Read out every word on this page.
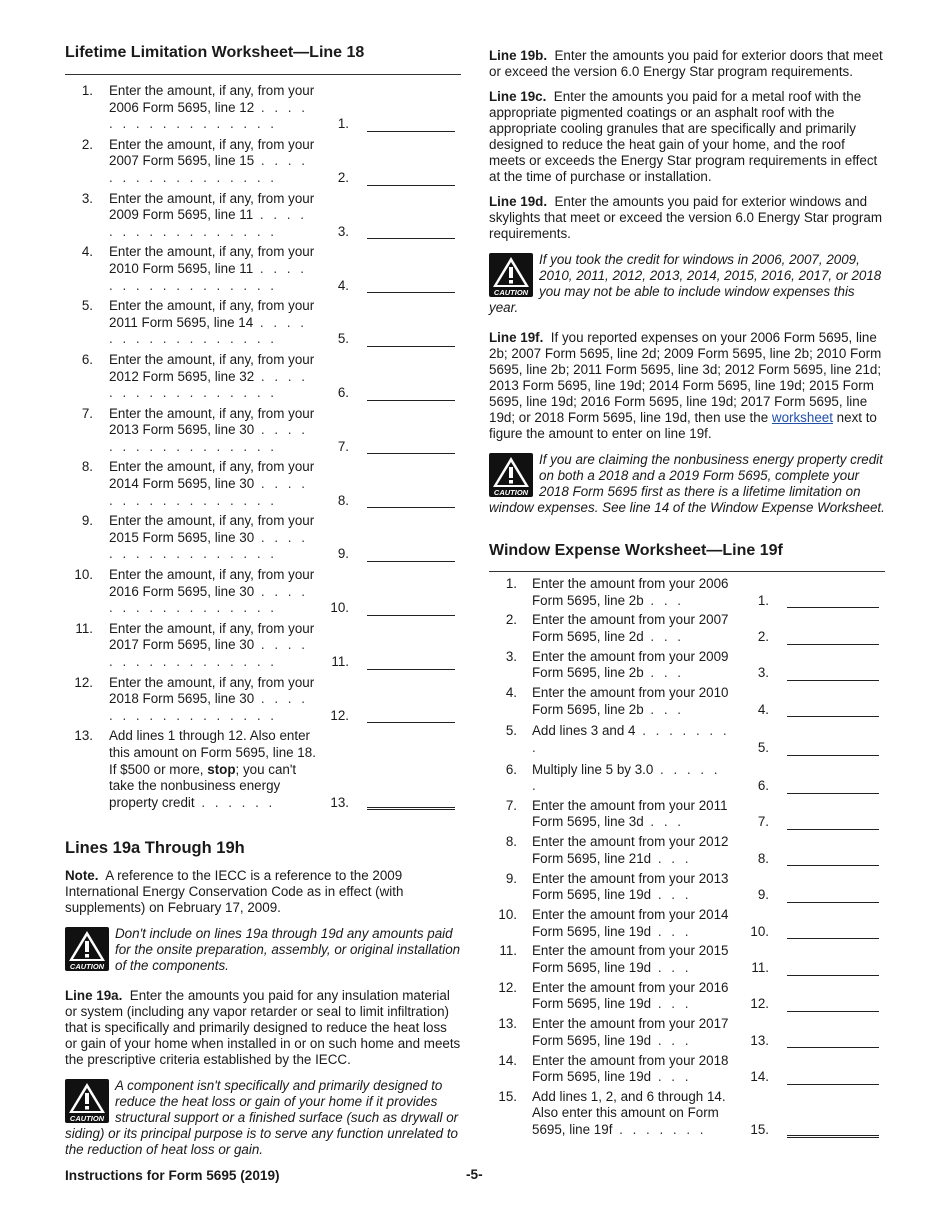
Lifetime Limitation Worksheet—Line 18
1. Enter the amount, if any, from your 2006 Form 5695, line 12 . . . . . . . . . . . . . . . . .	1.
2. Enter the amount, if any, from your 2007 Form 5695, line 15 . . . . . . . . . . . . . . . . .	2.
3. Enter the amount, if any, from your 2009 Form 5695, line 11 . . . . . . . . . . . . . . . . .	3.
4. Enter the amount, if any, from your 2010 Form 5695, line 11 . . . . . . . . . . . . . . . . .	4.
5. Enter the amount, if any, from your 2011 Form 5695, line 14 . . . . . . . . . . . . . . . . .	5.
6. Enter the amount, if any, from your 2012 Form 5695, line 32 . . . . . . . . . . . . . . . . .	6.
7. Enter the amount, if any, from your 2013 Form 5695, line 30 . . . . . . . . . . . . . . . . .	7.
8. Enter the amount, if any, from your 2014 Form 5695, line 30 . . . . . . . . . . . . . . . . .	8.
9. Enter the amount, if any, from your 2015 Form 5695, line 30 . . . . . . . . . . . . . . . . .	9.
10. Enter the amount, if any, from your 2016 Form 5695, line 30 . . . . . . . . . . . . . . . . .	10.
11. Enter the amount, if any, from your 2017 Form 5695, line 30 . . . . . . . . . . . . . . . . .	11.
12. Enter the amount, if any, from your 2018 Form 5695, line 30 . . . . . . . . . . . . . . . . .	12.
13. Add lines 1 through 12. Also enter this amount on Form 5695, line 18. If $500 or more, stop; you can't take the nonbusiness energy property credit . . . . . .	13.
Lines 19a Through 19h

Note. A reference to the IECC is a reference to the 2009 International Energy Conservation Code as in effect (with supplements) on February 17, 2009.

CAUTION
Don't include on lines 19a through 19d any amounts paid for the onsite preparation, assembly, or original installation of the components.

Line 19a. Enter the amounts you paid for any insulation material or system (including any vapor retarder or seal to limit infiltration) that is specifically and primarily designed to reduce the heat loss or gain of your home when installed in or on such home and meets the prescriptive criteria established by the IECC.

CAUTION
A component isn't specifically and primarily designed to reduce the heat loss or gain of your home if it provides structural support or a finished surface (such as drywall or siding) or its principal purpose is to serve any function unrelated to the reduction of heat loss or gain.

Line 19b. Enter the amounts you paid for exterior doors that meet or exceed the version 6.0 Energy Star program requirements.

Line 19c. Enter the amounts you paid for a metal roof with the appropriate pigmented coatings or an asphalt roof with the appropriate cooling granules that are specifically and primarily designed to reduce the heat gain of your home, and the roof meets or exceeds the Energy Star program requirements in effect at the time of purchase or installation.

Line 19d. Enter the amounts you paid for exterior windows and skylights that meet or exceed the version 6.0 Energy Star program requirements.

CAUTION
If you took the credit for windows in 2006, 2007, 2009, 2010, 2011, 2012, 2013, 2014, 2015, 2016, 2017, or 2018 you may not be able to include window expenses this year.

Line 19f. If you reported expenses on your 2006 Form 5695, line 2b; 2007 Form 5695, line 2d; 2009 Form 5695, line 2b; 2010 Form 5695, line 2b; 2011 Form 5695, line 3d; 2012 Form 5695, line 21d; 2013 Form 5695, line 19d; 2014 Form 5695, line 19d; 2015 Form 5695, line 19d; 2016 Form 5695, line 19d; 2017 Form 5695, line 19d; or 2018 Form 5695, line 19d, then use the worksheet next to figure the amount to enter on line 19f.

CAUTION
If you are claiming the nonbusiness energy property credit on both a 2018 and a 2019 Form 5695, complete your 2018 Form 5695 first as there is a lifetime limitation on window expenses. See line 14 of the Window Expense Worksheet.
Window Expense Worksheet—Line 19f
1. Enter the amount from your 2006 Form 5695, line 2b . . .	1.
2. Enter the amount from your 2007 Form 5695, line 2d . . .	2.
3. Enter the amount from your 2009 Form 5695, line 2b . . .	3.
4. Enter the amount from your 2010 Form 5695, line 2b . . .	4.
5. Add lines 3 and 4 . . . . . . . .	5.
6. Multiply line 5 by 3.0 . . . . . .	6.
7. Enter the amount from your 2011 Form 5695, line 3d . . .	7.
8. Enter the amount from your 2012 Form 5695, line 21d . . .	8.
9. Enter the amount from your 2013 Form 5695, line 19d . . .	9.
10. Enter the amount from your 2014 Form 5695, line 19d . . .	10.
11. Enter the amount from your 2015 Form 5695, line 19d . . .	11.
12. Enter the amount from your 2016 Form 5695, line 19d . . .	12.
13. Enter the amount from your 2017 Form 5695, line 19d . . .	13.
14. Enter the amount from your 2018 Form 5695, line 19d . . .	14.
15. Add lines 1, 2, and 6 through 14. Also enter this amount on Form 5695, line 19f . . . . . . .	15.
Instructions for Form 5695 (2019)	-5-
